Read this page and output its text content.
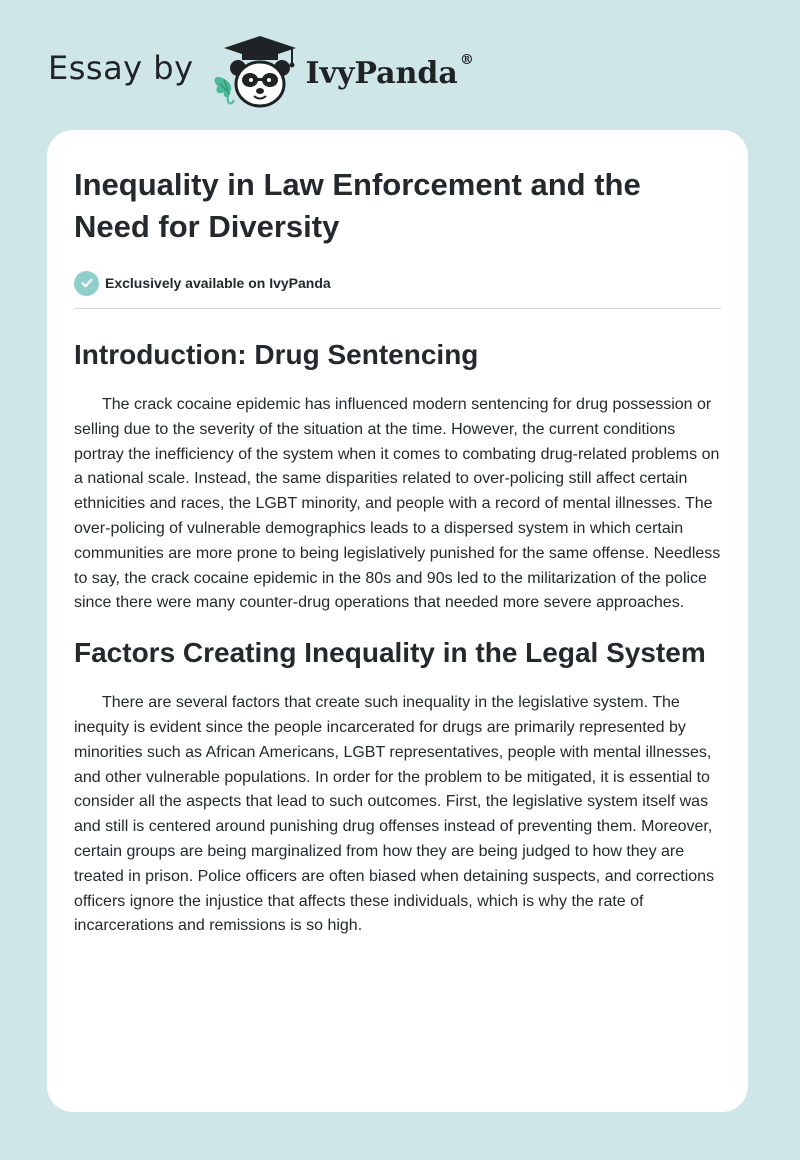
Essay by	IvyPanda ®
Inequality in Law Enforcement and the Need for Diversity
Exclusively available on IvyPanda
Introduction: Drug Sentencing

The crack cocaine epidemic has influenced modern sentencing for drug possession or selling due to the severity of the situation at the time. However, the current conditions portray the inefficiency of the system when it comes to combating drug-related problems on a national scale. Instead, the same disparities related to over-policing still affect certain ethnicities and races, the LGBT minority, and people with a record of mental illnesses. The over-policing of vulnerable demographics leads to a dispersed system in which certain communities are more prone to being legislatively punished for the same offense. Needless to say, the crack cocaine epidemic in the 80s and 90s led to the militarization of the police since there were many counter-drug operations that needed more severe approaches.

Factors Creating Inequality in the Legal System

There are several factors that create such inequality in the legislative system. The inequity is evident since the people incarcerated for drugs are primarily represented by minorities such as African Americans, LGBT representatives, people with mental illnesses, and other vulnerable populations. In order for the problem to be mitigated, it is essential to consider all the aspects that lead to such outcomes. First, the legislative system itself was and still is centered around punishing drug offenses instead of preventing them. Moreover, certain groups are being marginalized from how they are being judged to how they are treated in prison. Police officers are often biased when detaining suspects, and corrections officers ignore the injustice that affects these individuals, which is why the rate of incarcerations and remissions is so high.
